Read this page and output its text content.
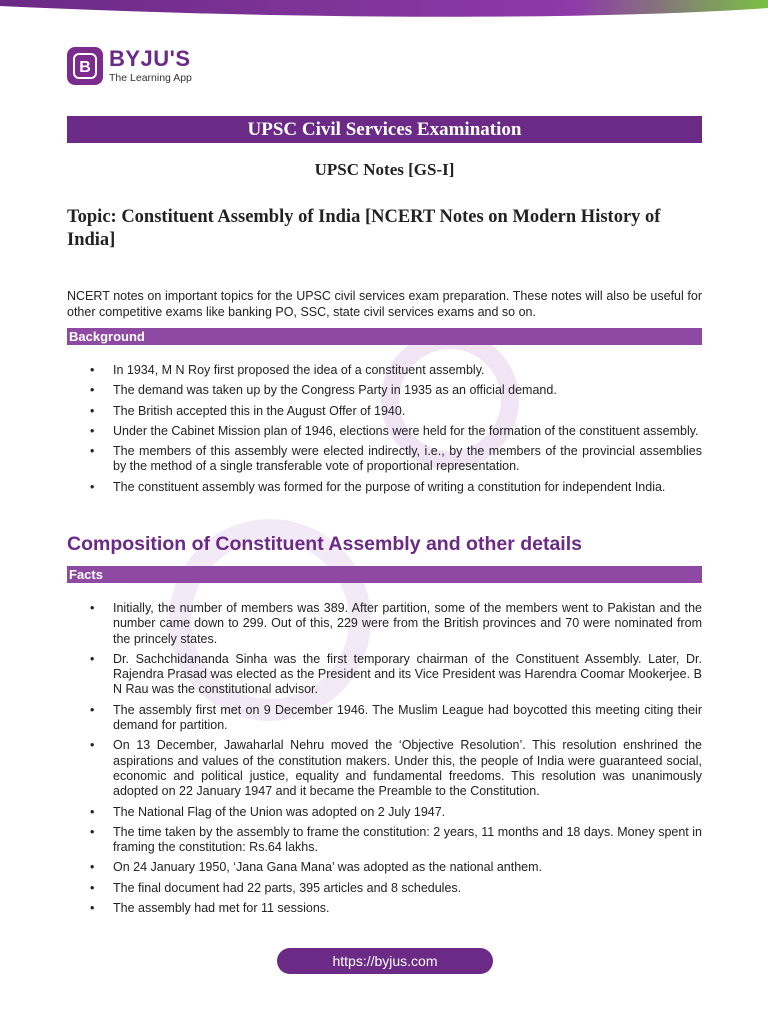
B BYJU'S
The Learning App
UPSC Civil Services Examination
UPSC Notes [GS-I]
Topic: Constituent Assembly of India [NCERT Notes on Modern History of India]
NCERT notes on important topics for the UPSC civil services exam preparation. These notes will also be useful for other competitive exams like banking PO, SSC, state civil services exams and so on.
Background
• In 1934, M N Roy first proposed the idea of a constituent assembly.
• The demand was taken up by the Congress Party in 1935 as an official demand.
• The British accepted this in the August Offer of 1940.
• Under the Cabinet Mission plan of 1946, elections were held for the formation of the constituent assembly.
• The members of this assembly were elected indirectly, i.e., by the members of the provincial assemblies by the method of a single transferable vote of proportional representation.
• The constituent assembly was formed for the purpose of writing a constitution for independent India.
Composition of Constituent Assembly and other details
Facts
• Initially, the number of members was 389. After partition, some of the members went to Pakistan and the number came down to 299. Out of this, 229 were from the British provinces and 70 were nominated from the princely states.
• Dr. Sachchidananda Sinha was the first temporary chairman of the Constituent Assembly. Later, Dr. Rajendra Prasad was elected as the President and its Vice President was Harendra Coomar Mookerjee. B N Rau was the constitutional advisor.
• The assembly first met on 9 December 1946. The Muslim League had boycotted this meeting citing their demand for partition.
• On 13 December, Jawaharlal Nehru moved the ‘Objective Resolution’. This resolution enshrined the aspirations and values of the constitution makers. Under this, the people of India were guaranteed social, economic and political justice, equality and fundamental freedoms. This resolution was unanimously adopted on 22 January 1947 and it became the Preamble to the Constitution.
• The National Flag of the Union was adopted on 2 July 1947.
• The time taken by the assembly to frame the constitution: 2 years, 11 months and 18 days. Money spent in framing the constitution: Rs.64 lakhs.
• On 24 January 1950, ‘Jana Gana Mana’ was adopted as the national anthem.
• The final document had 22 parts, 395 articles and 8 schedules.
• The assembly had met for 11 sessions.
https://byjus.com
